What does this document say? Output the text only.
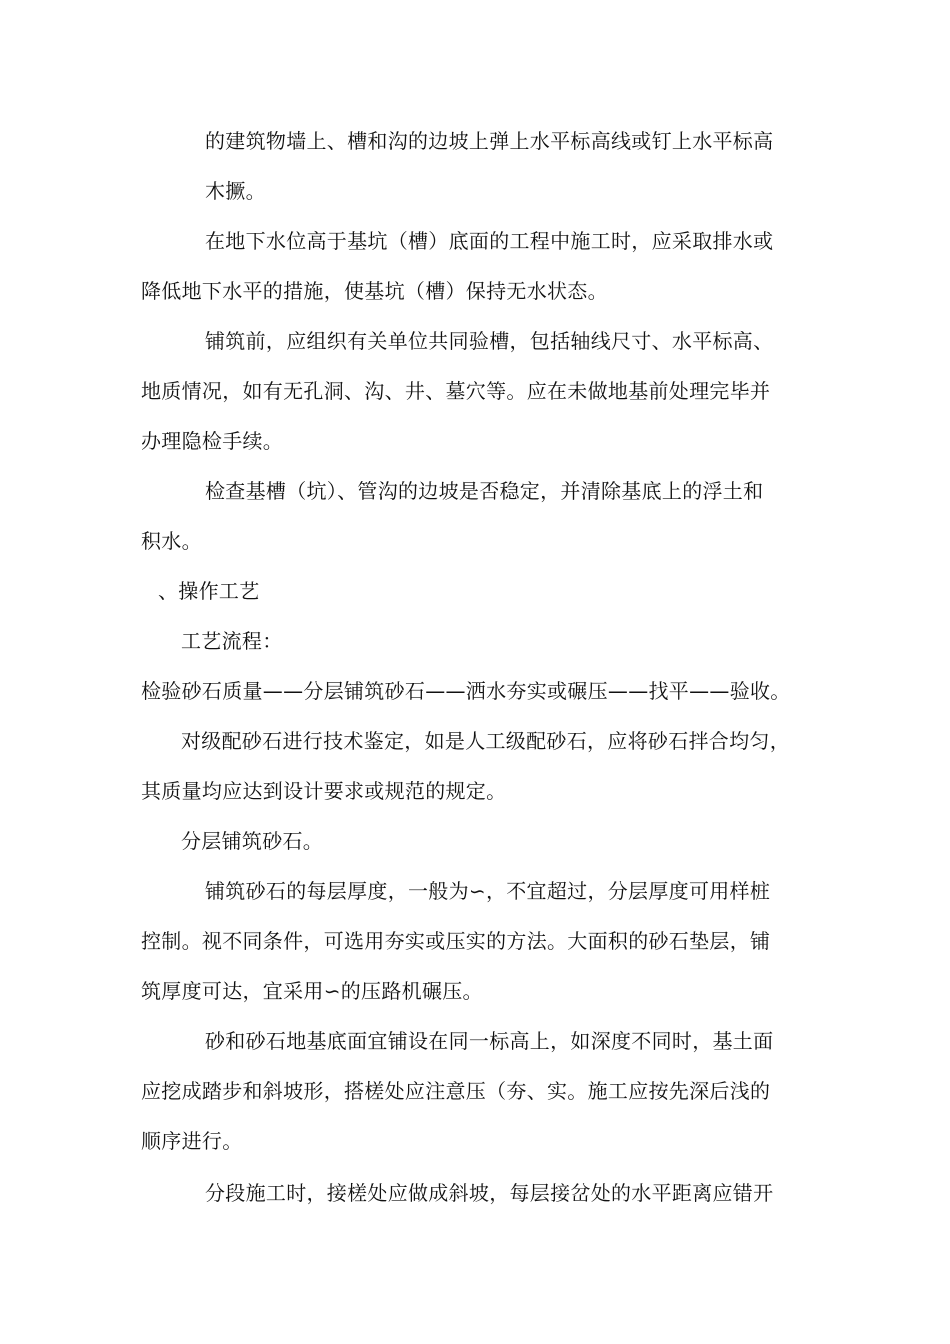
的建筑物墙上、槽和沟的边坡上弹上水平标高线或钉上水平标高
木撅。
在地下水位高于基坑（槽）底面的工程中施工时，应采取排水或
降低地下水平的措施，使基坑（槽）保持无水状态。
铺筑前，应组织有关单位共同验槽，包括轴线尺寸、水平标高、
地质情况，如有无孔洞、沟、井、墓穴等。应在未做地基前处理完毕并
办理隐检手续。
检查基槽（坑）、管沟的边坡是否稳定，并清除基底上的浮土和
积水。
、操作工艺
工艺流程：
检验砂石质量——分层铺筑砂石——洒水夯实或碾压——找平——验收。
对级配砂石进行技术鉴定，如是人工级配砂石，应将砂石拌合均匀，
其质量均应达到设计要求或规范的规定。
分层铺筑砂石。
铺筑砂石的每层厚度，一般为∽，不宜超过，分层厚度可用样桩
控制。视不同条件，可选用夯实或压实的方法。大面积的砂石垫层，铺
筑厚度可达，宜采用∽的压路机碾压。
砂和砂石地基底面宜铺设在同一标高上，如深度不同时，基土面
应挖成踏步和斜坡形，搭槎处应注意压（夯、实。施工应按先深后浅的
顺序进行。
分段施工时，接槎处应做成斜坡，每层接岔处的水平距离应错开
